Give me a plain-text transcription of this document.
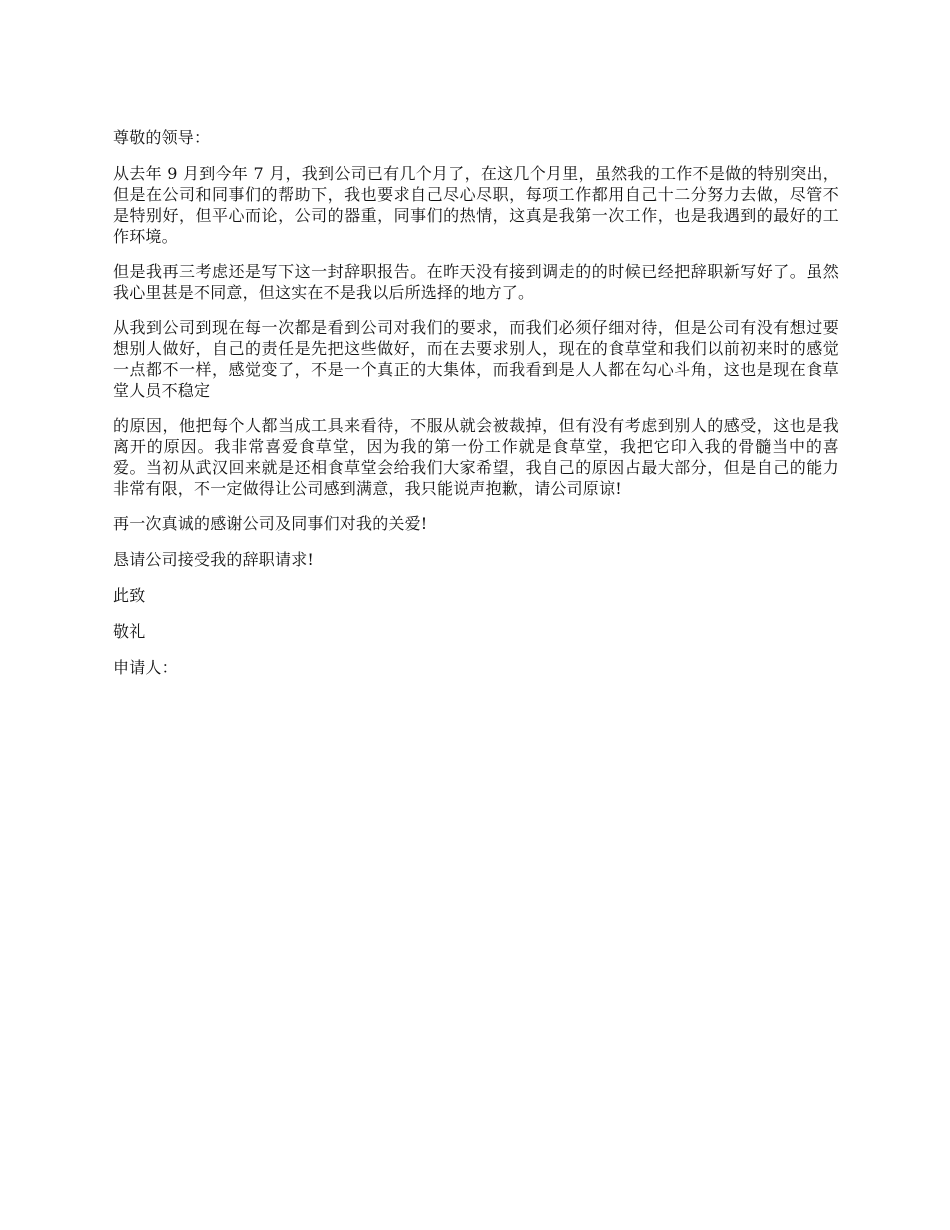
尊敬的领导：

从去年 9 月到今年 7 月，我到公司已有几个月了，在这几个月里，虽然我的工作不是做的特别突出，但是在公司和同事们的帮助下，我也要求自己尽心尽职，每项工作都用自己十二分努力去做，尽管不是特别好，但平心而论，公司的器重，同事们的热情，这真是我第一次工作，也是我遇到的最好的工作环境。

但是我再三考虑还是写下这一封辞职报告。在昨天没有接到调走的的时候已经把辞职新写好了。虽然我心里甚是不同意，但这实在不是我以后所选择的地方了。

从我到公司到现在每一次都是看到公司对我们的要求，而我们必须仔细对待，但是公司有没有想过要想别人做好，自己的责任是先把这些做好，而在去要求别人，现在的食草堂和我们以前初来时的感觉一点都不一样，感觉变了，不是一个真正的大集体，而我看到是人人都在勾心斗角，这也是现在食草堂人员不稳定

的原因，他把每个人都当成工具来看待，不服从就会被裁掉，但有没有考虑到别人的感受，这也是我离开的原因。我非常喜爱食草堂，因为我的第一份工作就是食草堂，我把它印入我的骨髓当中的喜爱。当初从武汉回来就是还相食草堂会给我们大家希望，我自己的原因占最大部分，但是自己的能力非常有限，不一定做得让公司感到满意，我只能说声抱歉，请公司原谅!

再一次真诚的感谢公司及同事们对我的关爱!

恳请公司接受我的辞职请求!

此致

敬礼

申请人：
